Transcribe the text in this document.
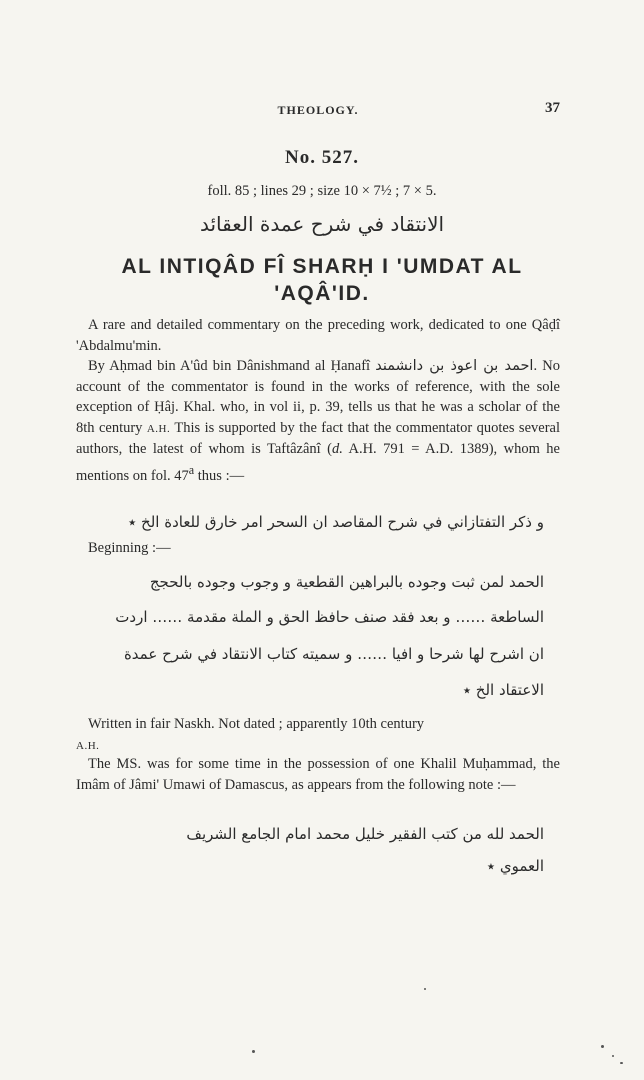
THEOLOGY.	37
No. 527.
foll. 85 ; lines 29 ; size 10 × 7½ ; 7 × 5.
الانتقاد في شرح عمدة العقائد
AL INTIQÂD FÎ SHARḤ I 'UMDAT AL
'AQÂ'ID.

A rare and detailed commentary on the preceding work, dedicated to one Qâḍî 'Abdalmu'min.

By Aḥmad bin A'ûd bin Dânishmand al Ḥanafî احمد بن اعوذ بن دانشمند. No account of the commentator is found in the works of reference, with the sole exception of Ḥâj. Khal. who, in vol ii, p. 39, tells us that he was a scholar of the 8th century A.H. This is supported by the fact that the commentator quotes several authors, the latest of whom is Taftâzânî (d. A.H. 791 = A.D. 1389), whom he mentions on fol. 47$^a$ thus :—

و ذكر التفتازاني في شرح المقاصد ان السحر امر خارق للعادة الخ ٭
Beginning :—
الحمد لمن ثبت وجوده بالبراهين القطعية و وجوب وجوده بالحجج
الساطعة …… و بعد فقد صنف حافظ الحق و الملة مقدمة …… اردت
ان اشرح لها شرحا و افيا …… و سميته كتاب الانتقاد في شرح عمدة
الاعتقاد الخ ٭

Written in fair Naskh. Not dated ; apparently 10th century
A.H.

The MS. was for some time in the possession of one Khalil Muḥammad, the Imâm of Jâmi' Umawi of Damascus, as appears from the following note :—

الحمد لله من كتب الفقير خليل محمد امام الجامع الشريف
العموي ٭
